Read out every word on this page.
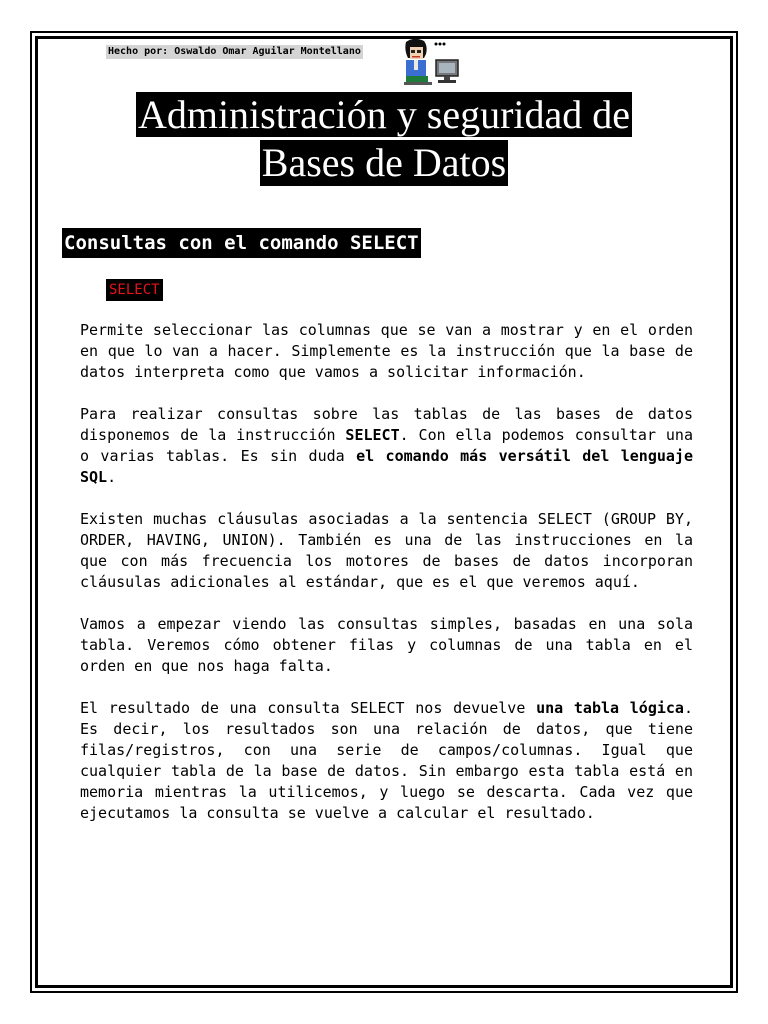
Hecho por: Oswaldo Omar Aguilar Montellano
Administración y seguridad de
Bases de Datos
Consultas con el comando SELECT
SELECT

Permite seleccionar las columnas que se van a mostrar y en el orden en que lo van a hacer. Simplemente es la instrucción que la base de datos interpreta como que vamos a solicitar información.

Para realizar consultas sobre las tablas de las bases de datos disponemos de la instrucción SELECT. Con ella podemos consultar una o varias tablas. Es sin duda el comando más versátil del lenguaje SQL.

Existen muchas cláusulas asociadas a la sentencia SELECT (GROUP BY, ORDER, HAVING, UNION). También es una de las instrucciones en la que con más frecuencia los motores de bases de datos incorporan cláusulas adicionales al estándar, que es el que veremos aquí.

Vamos a empezar viendo las consultas simples, basadas en una sola tabla. Veremos cómo obtener filas y columnas de una tabla en el orden en que nos haga falta.

El resultado de una consulta SELECT nos devuelve una tabla lógica. Es decir, los resultados son una relación de datos, que tiene filas/registros, con una serie de campos/columnas. Igual que cualquier tabla de la base de datos. Sin embargo esta tabla está en memoria mientras la utilicemos, y luego se descarta. Cada vez que ejecutamos la consulta se vuelve a calcular el resultado.
